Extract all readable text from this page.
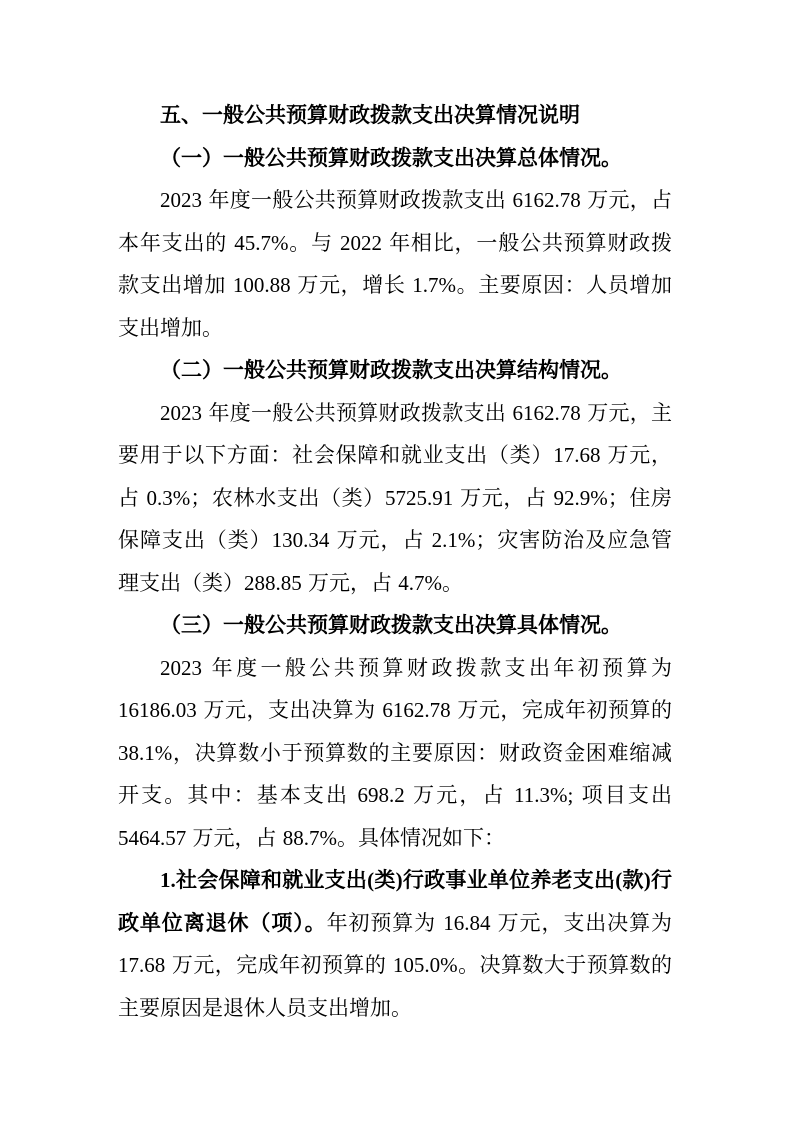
五、一般公共预算财政拨款支出决算情况说明

（一）一般公共预算财政拨款支出决算总体情况。

2023 年度一般公共预算财政拨款支出 6162.78 万元，占本年支出的 45.7%。与 2022 年相比，一般公共预算财政拨款支出增加 100.88 万元，增长 1.7%。主要原因：人员增加支出增加。

（二）一般公共预算财政拨款支出决算结构情况。

2023 年度一般公共预算财政拨款支出 6162.78 万元，主要用于以下方面：社会保障和就业支出（类）17.68 万元，占 0.3%；农林水支出（类）5725.91 万元，占 92.9%；住房保障支出（类）130.34 万元，占 2.1%；灾害防治及应急管理支出（类）288.85 万元，占 4.7%。

（三）一般公共预算财政拨款支出决算具体情况。

2023 年度一般公共预算财政拨款支出年初预算为 16186.03 万元，支出决算为 6162.78 万元，完成年初预算的 38.1%，决算数小于预算数的主要原因：财政资金困难缩减开支。其中：基本支出 698.2 万元，占 11.3%; 项目支出 5464.57 万元，占 88.7%。具体情况如下：

1.社会保障和就业支出(类)行政事业单位养老支出(款)行政单位离退休（项）。年初预算为 16.84 万元，支出决算为 17.68 万元，完成年初预算的 105.0%。决算数大于预算数的主要原因是退休人员支出增加。
